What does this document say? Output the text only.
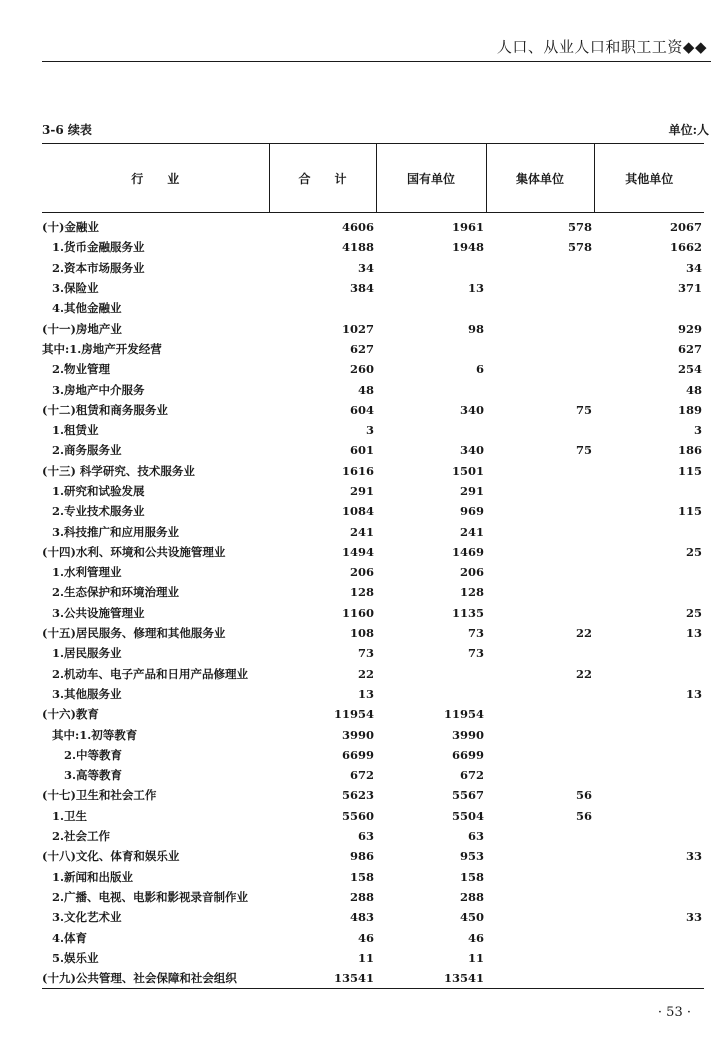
人口、从业人口和职工工资◆◆
3-6 续表	单位:人
行　　业	合　　计	国有单位	集体单位	其他单位
(十)金融业	4606	1961	578	2067
1.货币金融服务业	4188	1948	578	1662
2.资本市场服务业	34			34
3.保险业	384	13		371
4.其他金融业				
(十一)房地产业	1027	98		929
其中:1.房地产开发经营	627			627
2.物业管理	260	6		254
3.房地产中介服务	48			48
(十二)租赁和商务服务业	604	340	75	189
1.租赁业	3			3
2.商务服务业	601	340	75	186
(十三) 科学研究、技术服务业	1616	1501		115
1.研究和试验发展	291	291		
2.专业技术服务业	1084	969		115
3.科技推广和应用服务业	241	241		
(十四)水利、环境和公共设施管理业	1494	1469		25
1.水利管理业	206	206		
2.生态保护和环境治理业	128	128		
3.公共设施管理业	1160	1135		25
(十五)居民服务、修理和其他服务业	108	73	22	13
1.居民服务业	73	73		
2.机动车、电子产品和日用产品修理业	22		22	
3.其他服务业	13			13
(十六)教育	11954	11954		
其中:1.初等教育	3990	3990		
2.中等教育	6699	6699		
3.高等教育	672	672		
(十七)卫生和社会工作	5623	5567	56	
1.卫生	5560	5504	56	
2.社会工作	63	63		
(十八)文化、体育和娱乐业	986	953		33
1.新闻和出版业	158	158		
2.广播、电视、电影和影视录音制作业	288	288		
3.文化艺术业	483	450		33
4.体育	46	46		
5.娱乐业	11	11		
(十九)公共管理、社会保障和社会组织	13541	13541		
· 53 ·
